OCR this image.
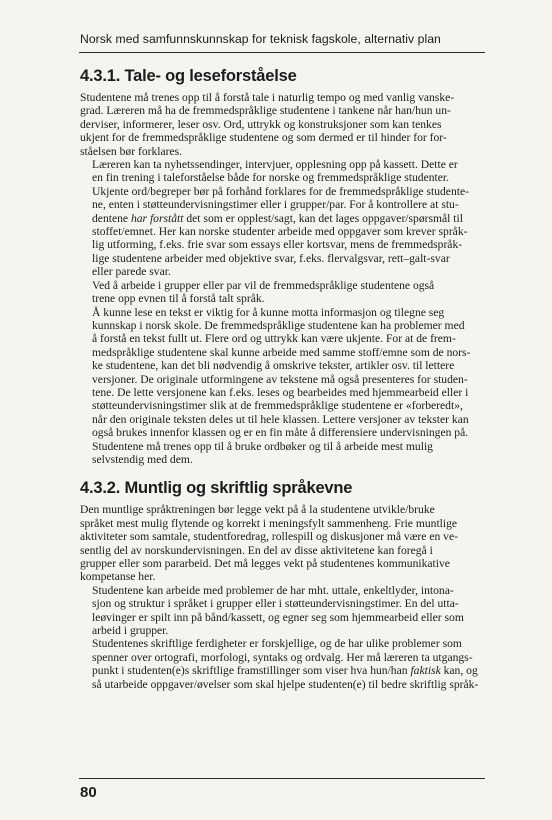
Norsk med samfunnskunnskap for teknisk fagskole, alternativ plan
4.3.1. Tale- og leseforståelse
Studentene må trenes opp til å forstå tale i naturlig tempo og med vanlig vanske-
grad. Læreren må ha de fremmedspråklige studentene i tankene når han/hun un-
derviser, informerer, leser osv. Ord, uttrykk og konstruksjoner som kan tenkes
ukjent for de fremmedspråklige studentene og som dermed er til hinder for for-
ståelsen bør forklares.
Læreren kan ta nyhetssendinger, intervjuer, opplesning opp på kassett. Dette er
en fin trening i taleforståelse både for norske og fremmedspråklige studenter.
Ukjente ord/begreper bør på forhånd forklares for de fremmedspråklige studente-
ne, enten i støtteundervisningstimer eller i grupper/par. For å kontrollere at stu-
dentene har forstått det som er opplest/sagt, kan det lages oppgaver/spørsmål til
stoffet/emnet. Her kan norske studenter arbeide med oppgaver som krever språk-
lig utforming, f.eks. frie svar som essays eller kortsvar, mens de fremmedspråk-
lige studentene arbeider med objektive svar, f.eks. flervalgsvar, rett–galt-svar
eller parede svar.
Ved å arbeide i grupper eller par vil de fremmedspråklige studentene også
trene opp evnen til å forstå talt språk.
Å kunne lese en tekst er viktig for å kunne motta informasjon og tilegne seg
kunnskap i norsk skole. De fremmedspråklige studentene kan ha problemer med
å forstå en tekst fullt ut. Flere ord og uttrykk kan være ukjente. For at de frem-
medspråklige studentene skal kunne arbeide med samme stoff/emne som de nors-
ke studentene, kan det bli nødvendig å omskrive tekster, artikler osv. til lettere
versjoner. De originale utformingene av tekstene må også presenteres for studen-
tene. De lette versjonene kan f.eks. leses og bearbeides med hjemmearbeid eller i
støtteundervisningstimer slik at de fremmedspråklige studentene er «forberedt»,
når den originale teksten deles ut til hele klassen. Lettere versjoner av tekster kan
også brukes innenfor klassen og er en fin måte å differensiere undervisningen på.
Studentene må trenes opp til å bruke ordbøker og til å arbeide mest mulig
selvstendig med dem.
4.3.2. Muntlig og skriftlig språkevne
Den muntlige språktreningen bør legge vekt på å la studentene utvikle/bruke
språket mest mulig flytende og korrekt i meningsfylt sammenheng. Frie muntlige
aktiviteter som samtale, studentforedrag, rollespill og diskusjoner må være en ve-
sentlig del av norskundervisningen. En del av disse aktivitetene kan foregå i
grupper eller som pararbeid. Det må legges vekt på studentenes kommunikative
kompetanse her.
Studentene kan arbeide med problemer de har mht. uttale, enkeltlyder, intona-
sjon og struktur i språket i grupper eller i støtteundervisningstimer. En del utta-
leøvinger er spilt inn på bånd/kassett, og egner seg som hjemmearbeid eller som
arbeid i grupper.
Studentenes skriftlige ferdigheter er forskjellige, og de har ulike problemer som
spenner over ortografi, morfologi, syntaks og ordvalg. Her må læreren ta utgangs-
punkt i studenten(e)s skriftlige framstillinger som viser hva hun/han faktisk kan, og
så utarbeide oppgaver/øvelser som skal hjelpe studenten(e) til bedre skriftlig språk-
80
